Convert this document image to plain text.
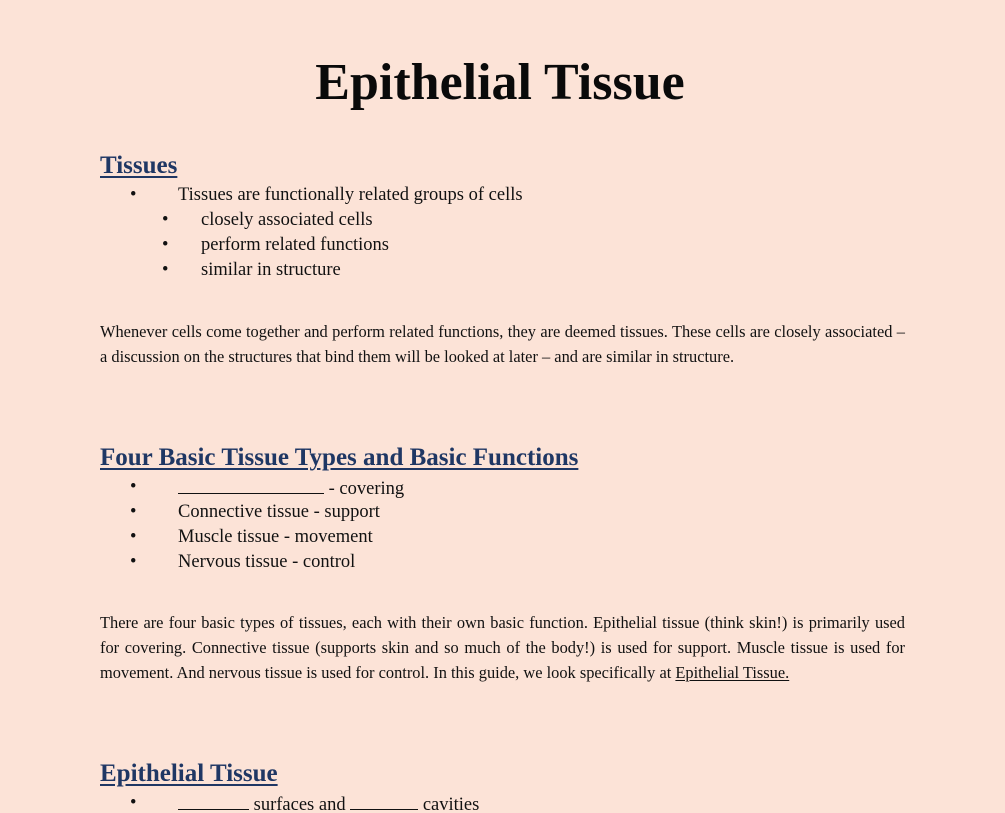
Epithelial Tissue
Tissues
• Tissues are functionally related groups of cells
• closely associated cells
• perform related functions
• similar in structure

Whenever cells come together and perform related functions, they are deemed tissues. These cells are closely associated – a discussion on the structures that bind them will be looked at later – and are similar in structure.

Four Basic Tissue Types and Basic Functions
•	- covering
• Connective tissue - support
• Muscle tissue - movement
• Nervous tissue - control

There are four basic types of tissues, each with their own basic function. Epithelial tissue (think skin!) is primarily used for covering. Connective tissue (supports skin and so much of the body!) is used for support. Muscle tissue is used for movement. And nervous tissue is used for control. In this guide, we look specifically at Epithelial Tissue.

Epithelial Tissue
•	surfaces and	cavities
